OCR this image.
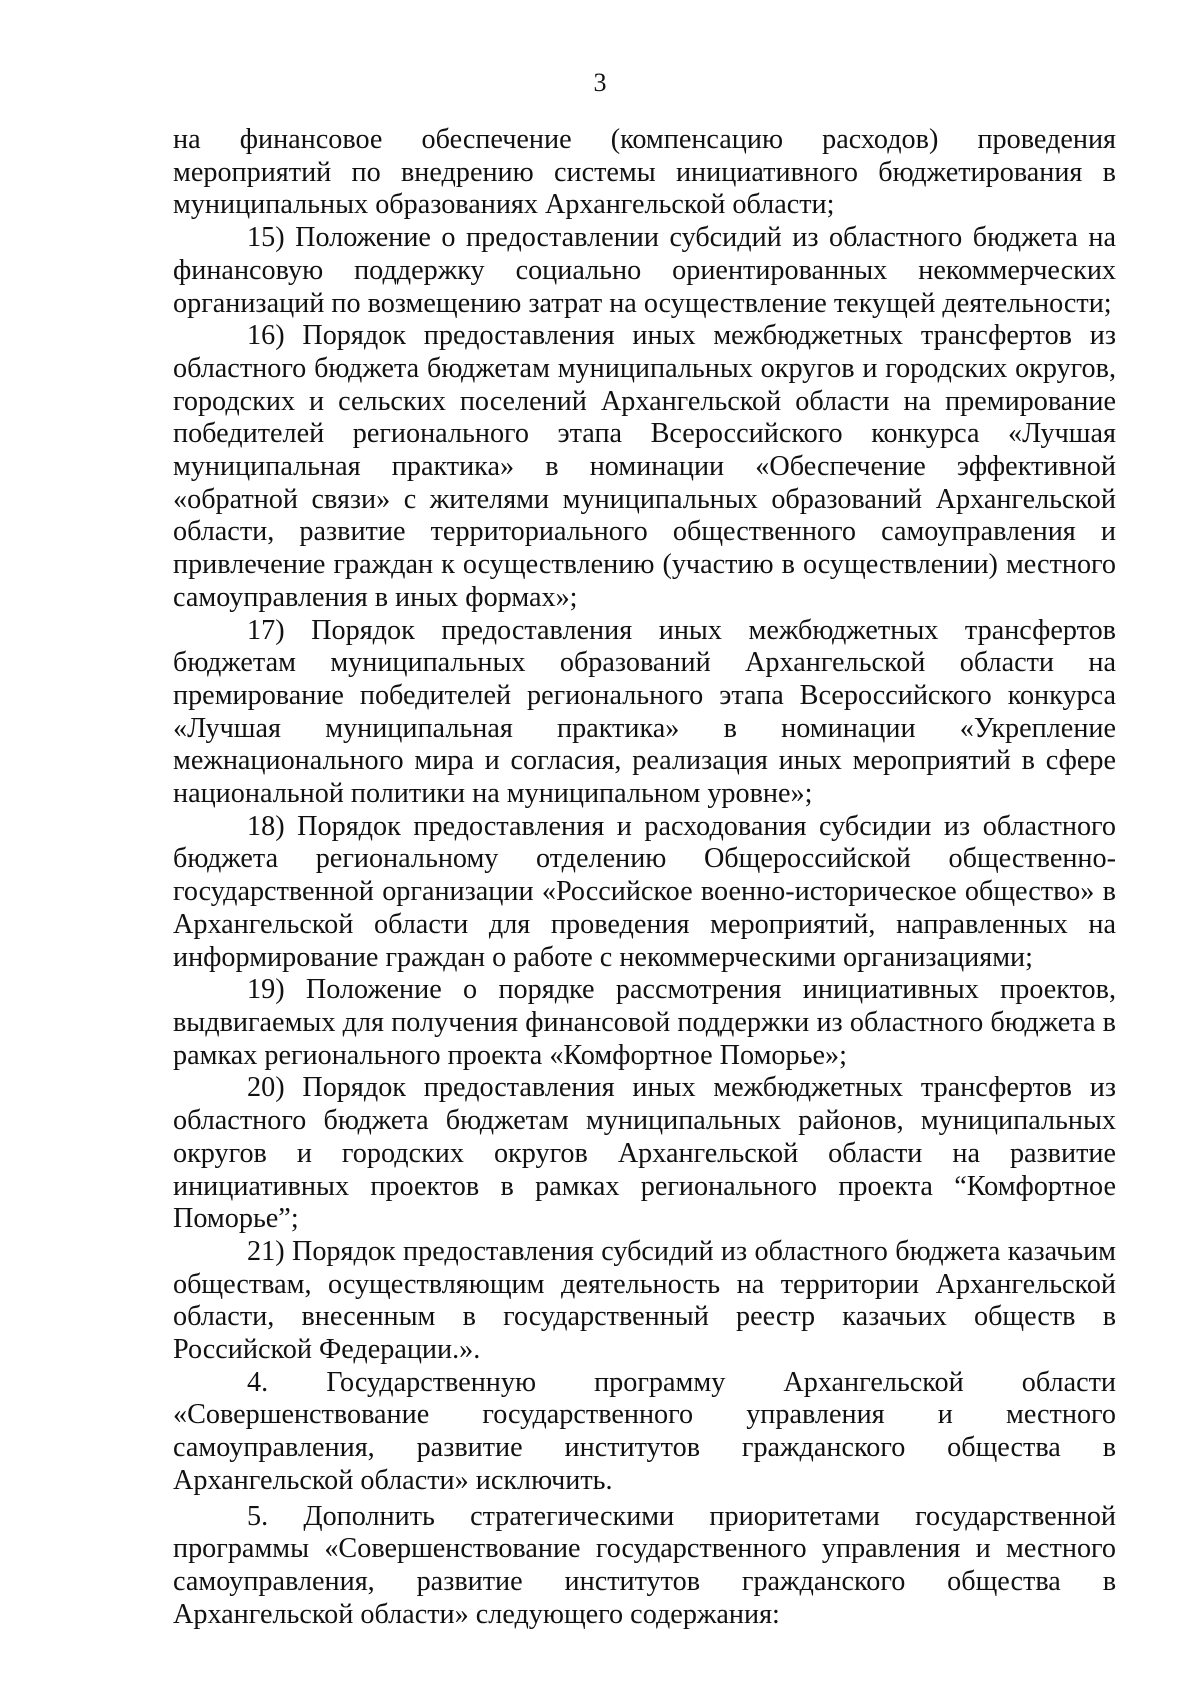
3

на финансовое обеспечение (компенсацию расходов) проведения мероприятий по внедрению системы инициативного бюджетирования в муниципальных образованиях Архангельской области;

15) Положение о предоставлении субсидий из областного бюджета на финансовую поддержку социально ориентированных некоммерческих организаций по возмещению затрат на осуществление текущей деятельности;

16) Порядок предоставления иных межбюджетных трансфертов из областного бюджета бюджетам муниципальных округов и городских округов, городских и сельских поселений Архангельской области на премирование победителей регионального этапа Всероссийского конкурса «Лучшая муниципальная практика» в номинации «Обеспечение эффективной «обратной связи» с жителями муниципальных образований Архангельской области, развитие территориального общественного самоуправления и привлечение граждан к осуществлению (участию в осуществлении) местного самоуправления в иных формах»;

17) Порядок предоставления иных межбюджетных трансфертов бюджетам муниципальных образований Архангельской области на премирование победителей регионального этапа Всероссийского конкурса «Лучшая муниципальная практика» в номинации «Укрепление межнационального мира и согласия, реализация иных мероприятий в сфере национальной политики на муниципальном уровне»;

18) Порядок предоставления и расходования субсидии из областного бюджета региональному отделению Общероссийской общественно-государственной организации «Российское военно-историческое общество» в Архангельской области для проведения мероприятий, направленных на информирование граждан о работе с некоммерческими организациями;

19) Положение о порядке рассмотрения инициативных проектов, выдвигаемых для получения финансовой поддержки из областного бюджета в рамках регионального проекта «Комфортное Поморье»;

20) Порядок предоставления иных межбюджетных трансфертов из областного бюджета бюджетам муниципальных районов, муниципальных округов и городских округов Архангельской области на развитие инициативных проектов в рамках регионального проекта “Комфортное Поморье”;

21) Порядок предоставления субсидий из областного бюджета казачьим обществам, осуществляющим деятельность на территории Архангельской области, внесенным в государственный реестр казачьих обществ в Российской Федерации.».

4. Государственную программу Архангельской области «Совершенствование государственного управления и местного самоуправления, развитие институтов гражданского общества в Архангельской области» исключить.

5. Дополнить стратегическими приоритетами государственной программы «Совершенствование государственного управления и местного самоуправления, развитие институтов гражданского общества в Архангельской области» следующего содержания:
